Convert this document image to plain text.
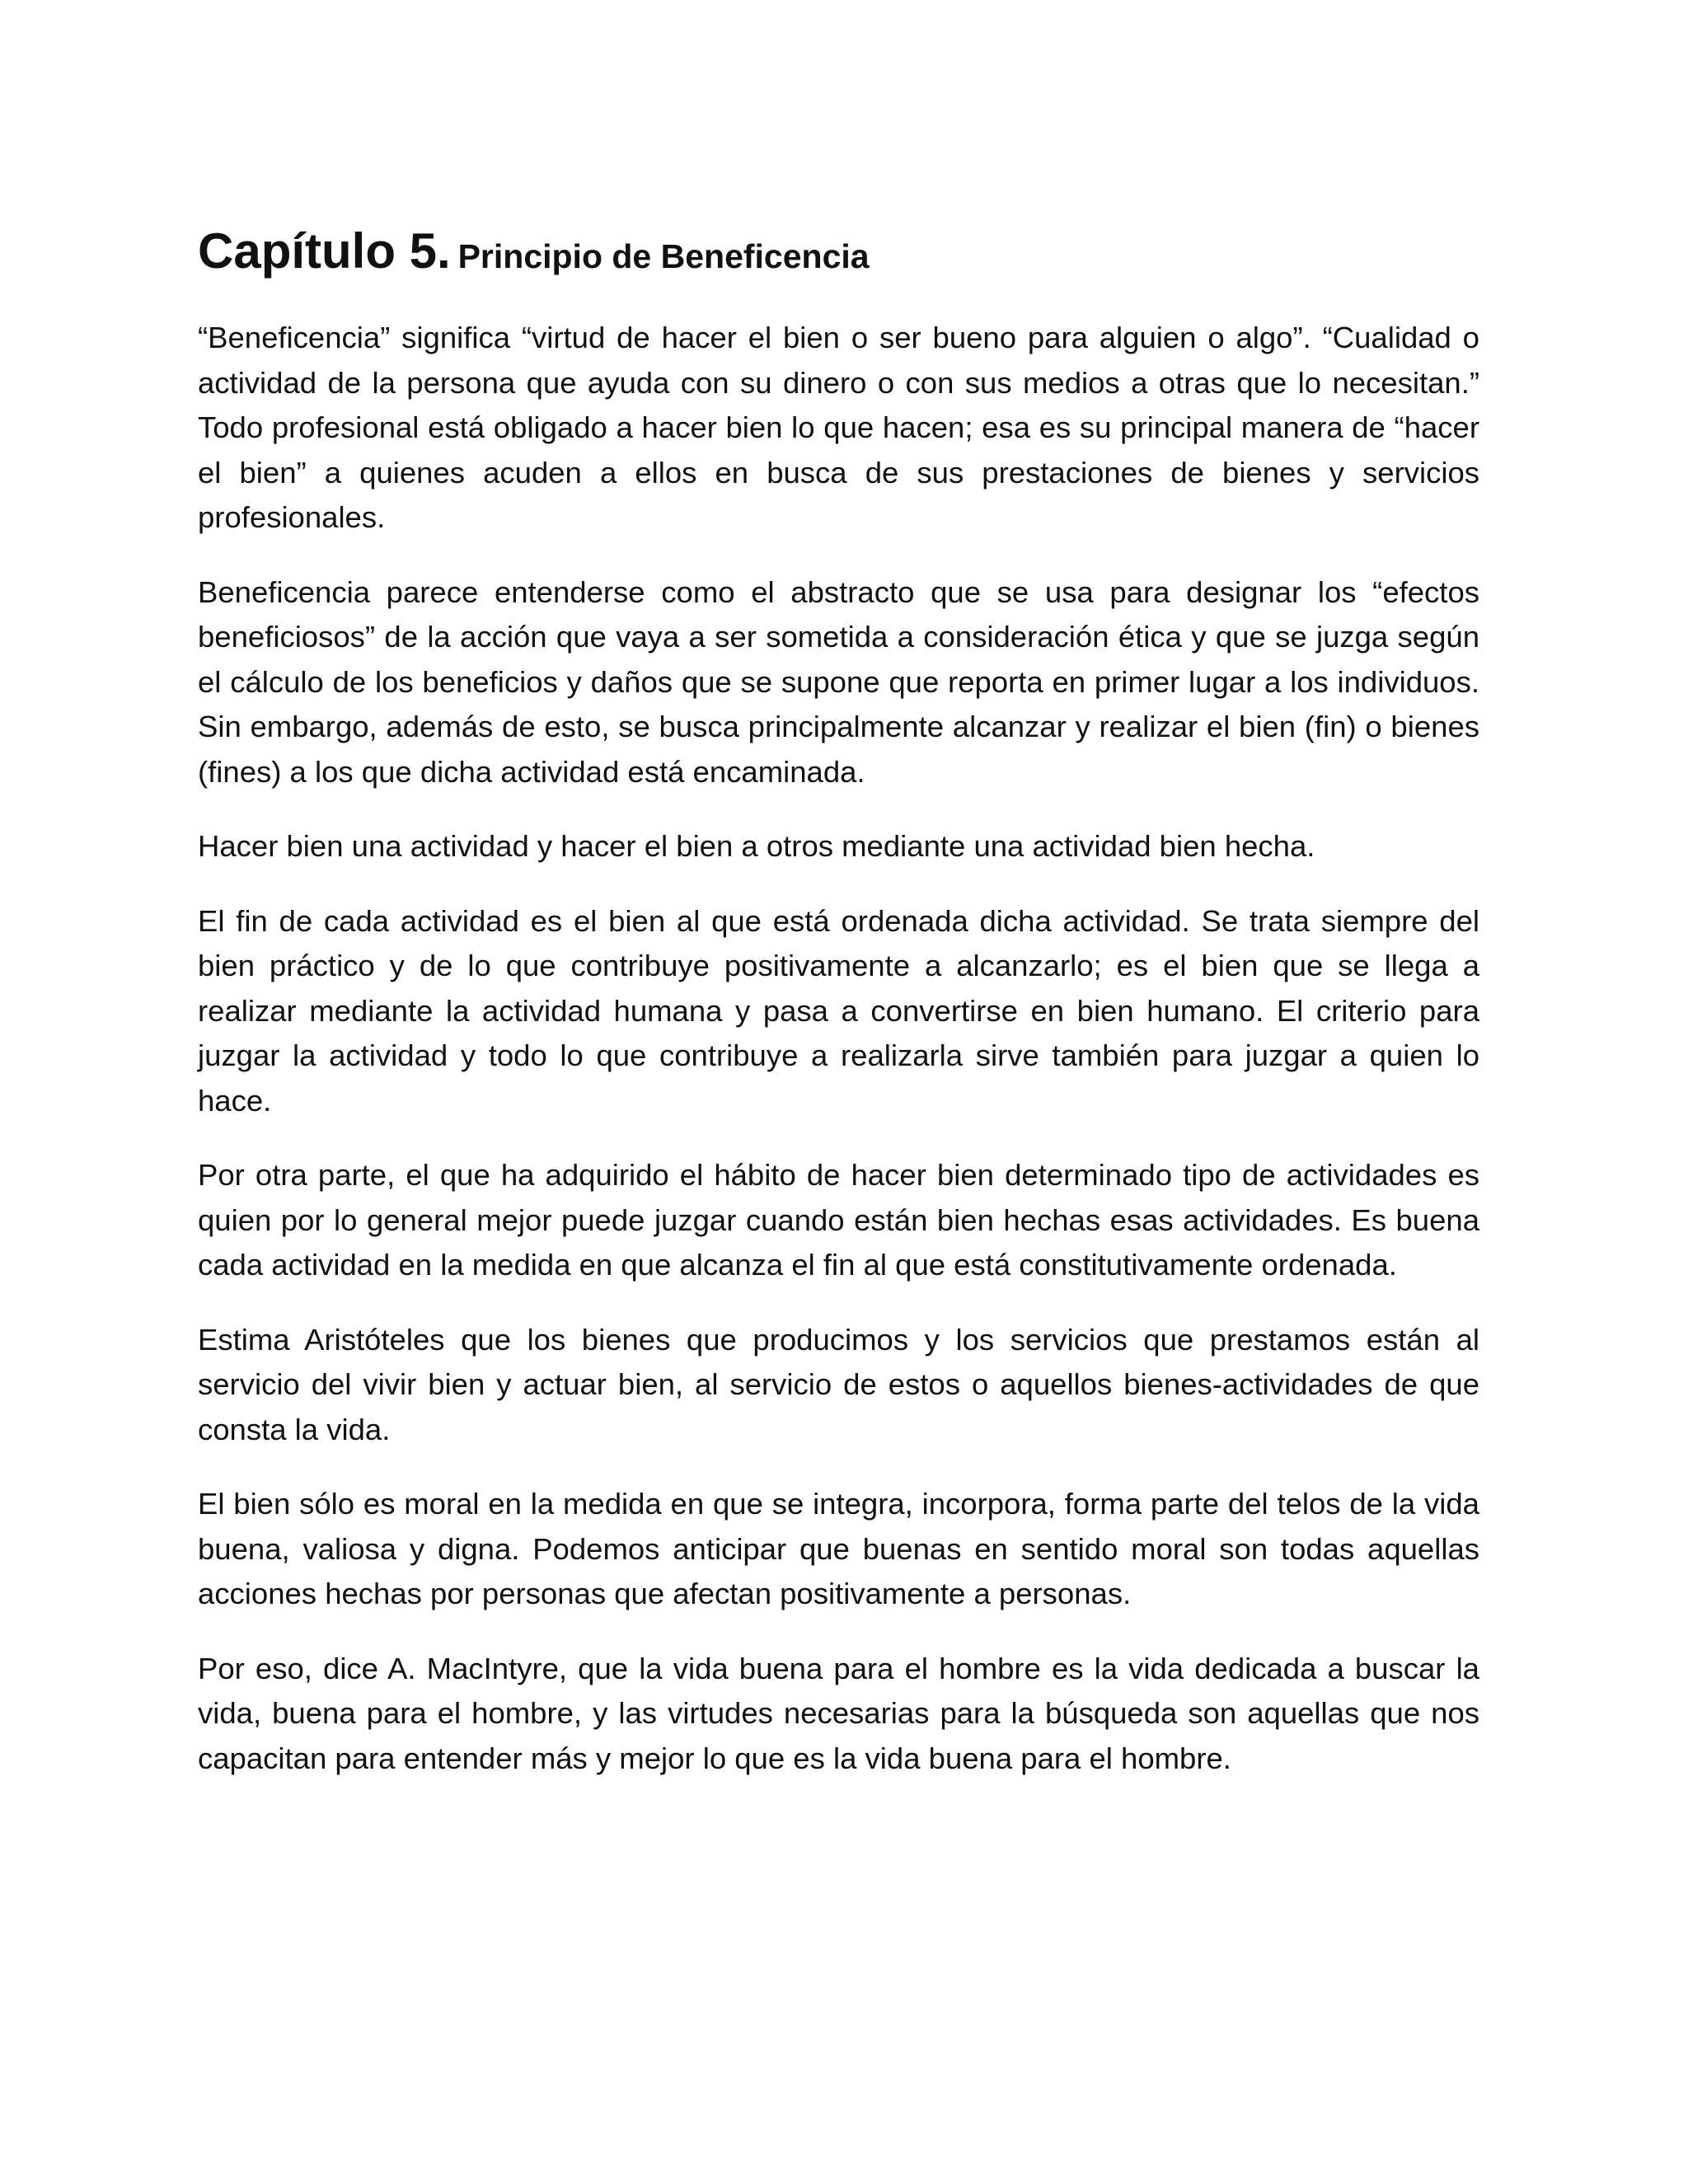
Capítulo 5. Principio de Beneficencia

“Beneficencia” significa “virtud de hacer el bien o ser bueno para alguien o algo”. “Cualidad o actividad de la persona que ayuda con su dinero o con sus medios a otras que lo necesitan.” Todo profesional está obligado a hacer bien lo que hacen; esa es su principal manera de “hacer el bien” a quienes acuden a ellos en busca de sus prestaciones de bienes y servicios profesionales.

Beneficencia parece entenderse como el abstracto que se usa para designar los “efectos beneficiosos” de la acción que vaya a ser sometida a consideración ética y que se juzga según el cálculo de los beneficios y daños que se supone que reporta en primer lugar a los individuos. Sin embargo, además de esto, se busca principalmente alcanzar y realizar el bien (fin) o bienes (fines) a los que dicha actividad está encaminada.

Hacer bien una actividad y hacer el bien a otros mediante una actividad bien hecha.

El fin de cada actividad es el bien al que está ordenada dicha actividad. Se trata siempre del bien práctico y de lo que contribuye positivamente a alcanzarlo; es el bien que se llega a realizar mediante la actividad humana y pasa a convertirse en bien humano. El criterio para juzgar la actividad y todo lo que contribuye a realizarla sirve también para juzgar a quien lo hace.

Por otra parte, el que ha adquirido el hábito de hacer bien determinado tipo de actividades es quien por lo general mejor puede juzgar cuando están bien hechas esas actividades. Es buena cada actividad en la medida en que alcanza el fin al que está constitutivamente ordenada.

Estima Aristóteles que los bienes que producimos y los servicios que prestamos están al servicio del vivir bien y actuar bien, al servicio de estos o aquellos bienes-actividades de que consta la vida.

El bien sólo es moral en la medida en que se integra, incorpora, forma parte del telos de la vida buena, valiosa y digna. Podemos anticipar que buenas en sentido moral son todas aquellas acciones hechas por personas que afectan positivamente a personas.

Por eso, dice A. MacIntyre, que la vida buena para el hombre es la vida dedicada a buscar la vida, buena para el hombre, y las virtudes necesarias para la búsqueda son aquellas que nos capacitan para entender más y mejor lo que es la vida buena para el hombre.
